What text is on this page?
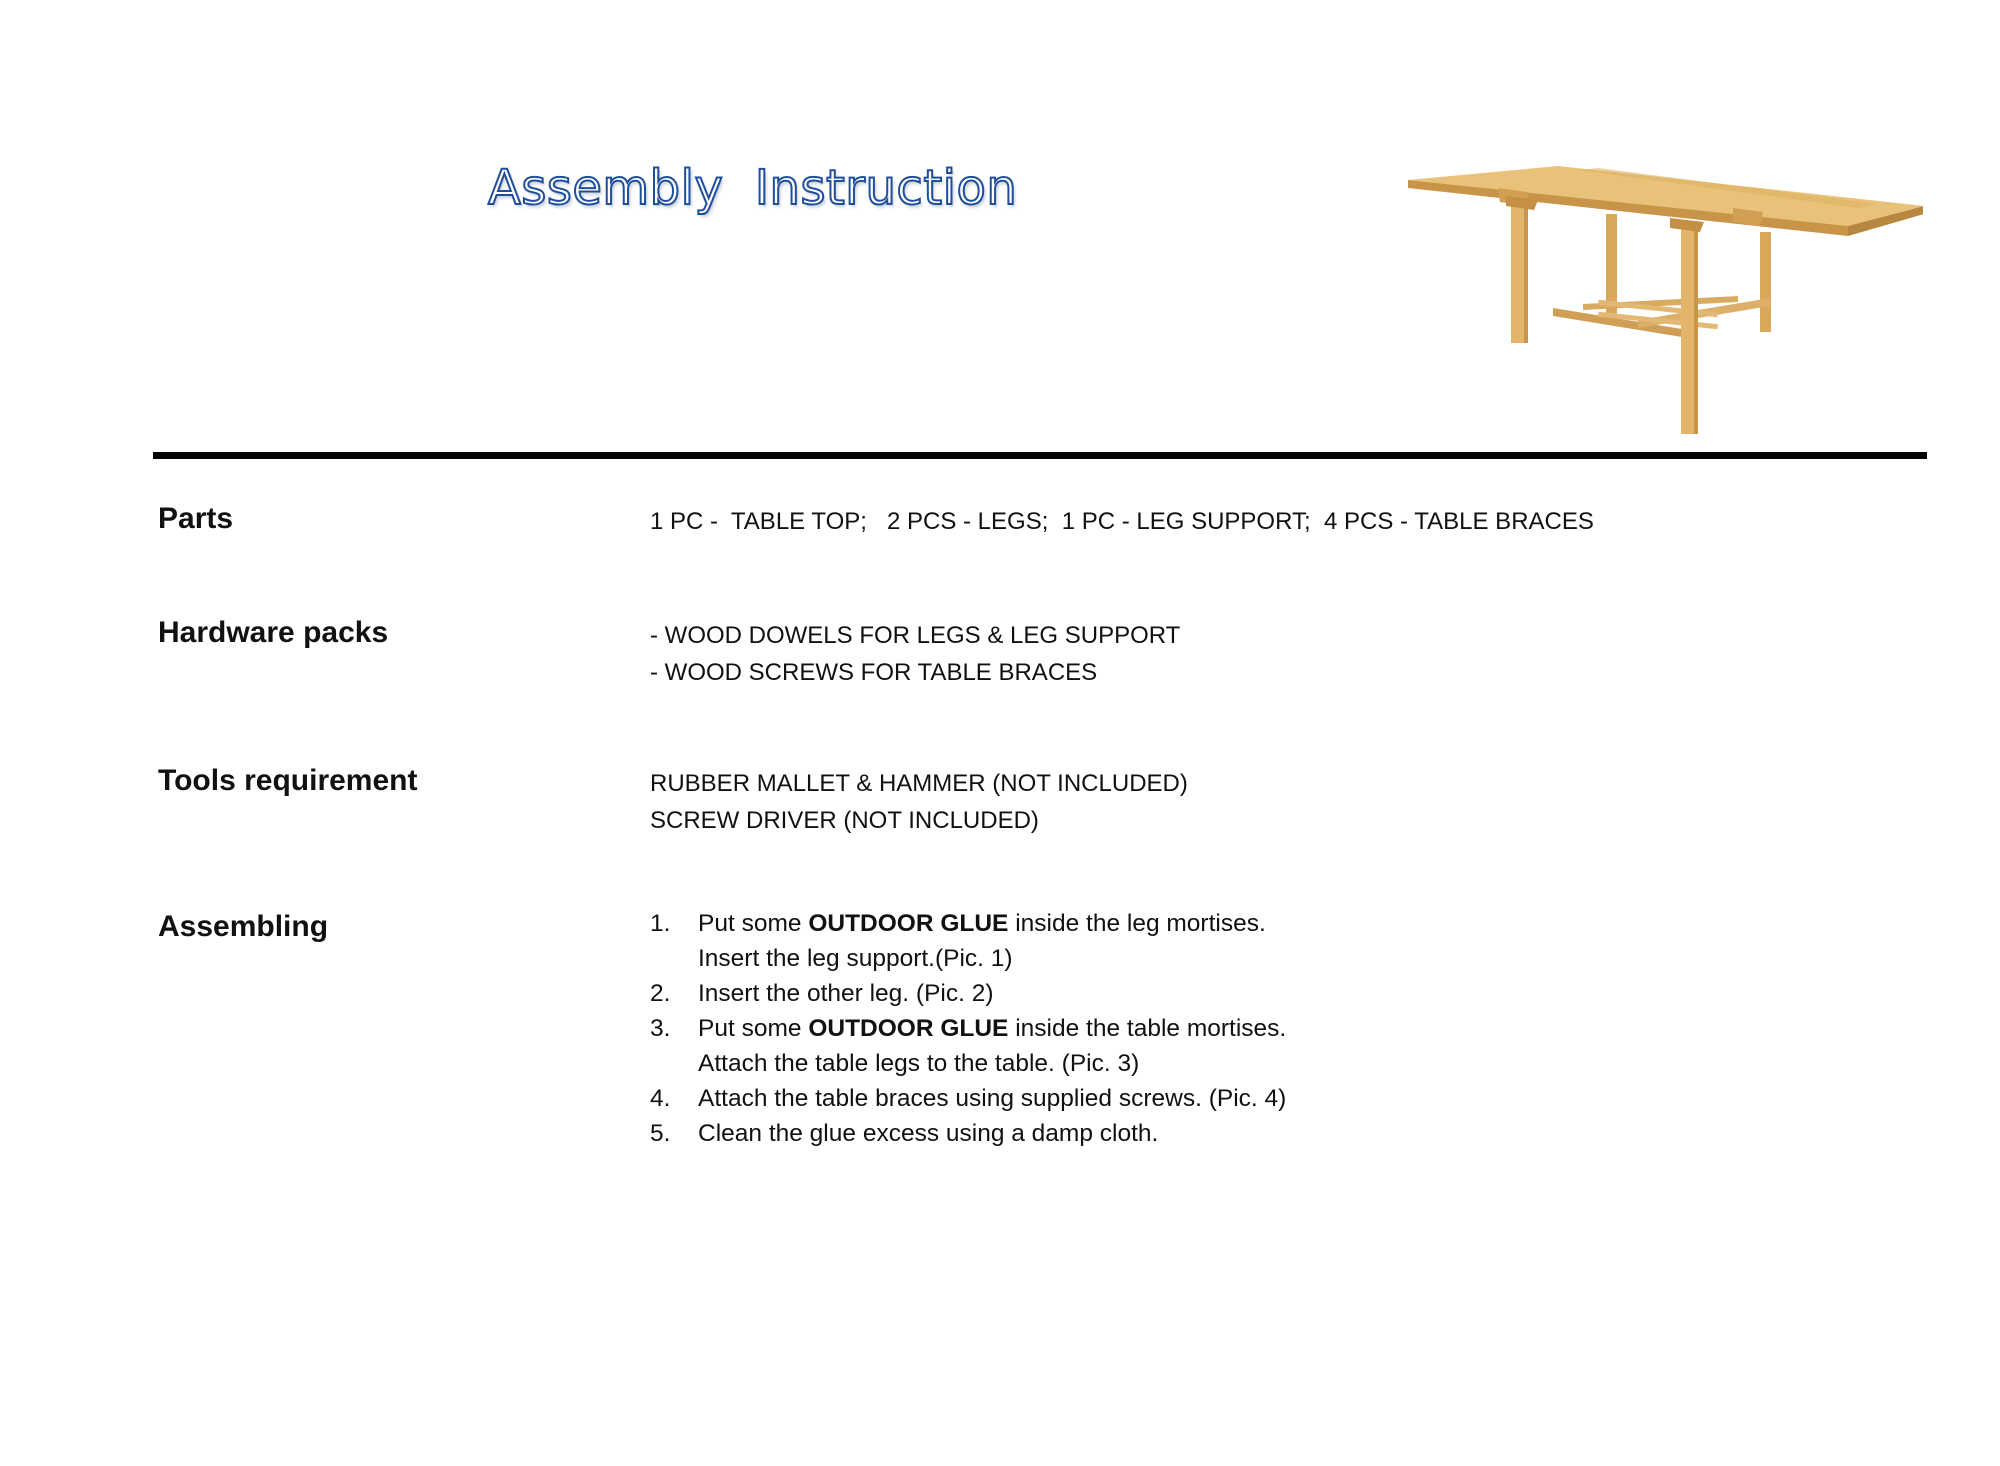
Assembly  Instruction
Parts	1 PC -  TABLE TOP;   2 PCS - LEGS;  1 PC - LEG SUPPORT;  4 PCS - TABLE BRACES
Hardware packs	- WOOD DOWELS FOR LEGS & LEG SUPPORT
- WOOD SCREWS FOR TABLE BRACES
Tools requirement	RUBBER MALLET & HAMMER (NOT INCLUDED)
SCREW DRIVER (NOT INCLUDED)
Assembling	1.	Put some OUTDOOR GLUE inside the leg mortises.
Insert the leg support.(Pic. 1)
2.	Insert the other leg. (Pic. 2)
3.	Put some OUTDOOR GLUE inside the table mortises.
Attach the table legs to the table. (Pic. 3)
4.	Attach the table braces using supplied screws. (Pic. 4)
5.	Clean the glue excess using a damp cloth.
